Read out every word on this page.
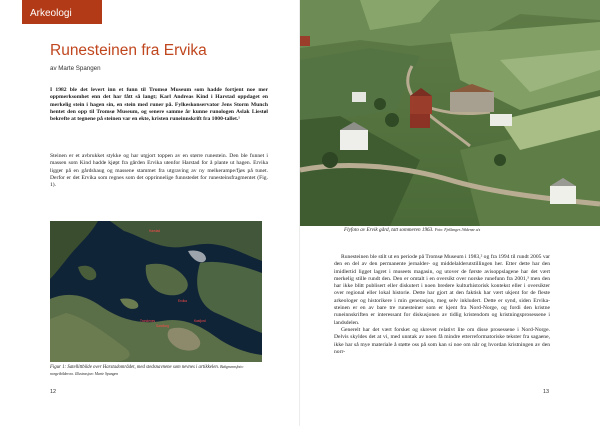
Arkeologi
Runesteinen fra Ervika
av Marte Spangen

I 1982 ble det levert inn et funn til Tromsø Museum som hadde fortjent noe mer oppmerksomhet enn det har fått så langt; Karl Andreas Kind i Harstad oppdaget en merkelig stein i hagen sin, en stein med runer på. Fylkeskonservator Jens Storm Munch hentet den opp til Tromsø Museum, og senere samme år kunne runologen Aslak Liestøl bekrefte at tegnene på steinen var en ekte, kristen runeinnskrift fra 1000-tallet.¹

Steinen er et avbrukket stykke og har utgjort toppen av en større runestein. Den ble funnet i massen som Kind hadde kjøpt fra gården Ervika utenfor Harstad for å plante ut hagen. Ervika ligger på en gårdshaug og massene stammet fra utgraving av ny melkerampe/fjøs på tunet. Derfor er det Ervika som regnes som det opprinnelige funnstedet for runesteinsfragmentet (Fig. 1).

Harstad
Ervika
Kasfjord
Trondenes
Sandtorg

Figur 1: Satellittbilde over Harstadområdet, med stedsnavnene som nevnes i artikkelen. Bakgrunnsfoto: norgeibilder.no. Illustrasjon: Marte Spangen

12

Flyfoto av Ervik gård, tatt sommeren 1963. Foto: Fjellanger–Widerøe a/s

Runesteinen ble stilt ut en periode på Tromsø Museum i 1983,² og fra 1994 til rundt 2005 var den en del av den permanente jernalder- og middelalderutstillingen her. Etter dette har den imidlertid ligget lagret i museets magasin, og utover de første avisoppslagene har det vært merkelig stille rundt den. Den er omtalt i en oversikt over norske runefunn fra 2001,³ men den har ikke blitt publisert eller diskutert i noen bredere kulturhistorisk kontekst eller i oversikter over regional eller lokal historie. Dette har gjort at den faktisk har vært ukjent for de fleste arkeologer og historikere i min generasjon, meg selv inkludert. Dette er synd, siden Ervika-steinen er en av bare tre runesteiner som er kjent fra Nord-Norge, og fordi den kristne runeinnskriften er interessant for diskusjonen av tidlig kristendom og kristningsprosessene i landsdelen.

Generelt har det vært forsket og skrevet relativt lite om disse prosessene i Nord-Norge. Delvis skyldes det at vi, med unntak av noen få mindre etterreformatoriske tekster fra sagaene, ikke har så mye materiale å støtte oss på som kan si noe om når og hvordan kristningen av den norr-

13
